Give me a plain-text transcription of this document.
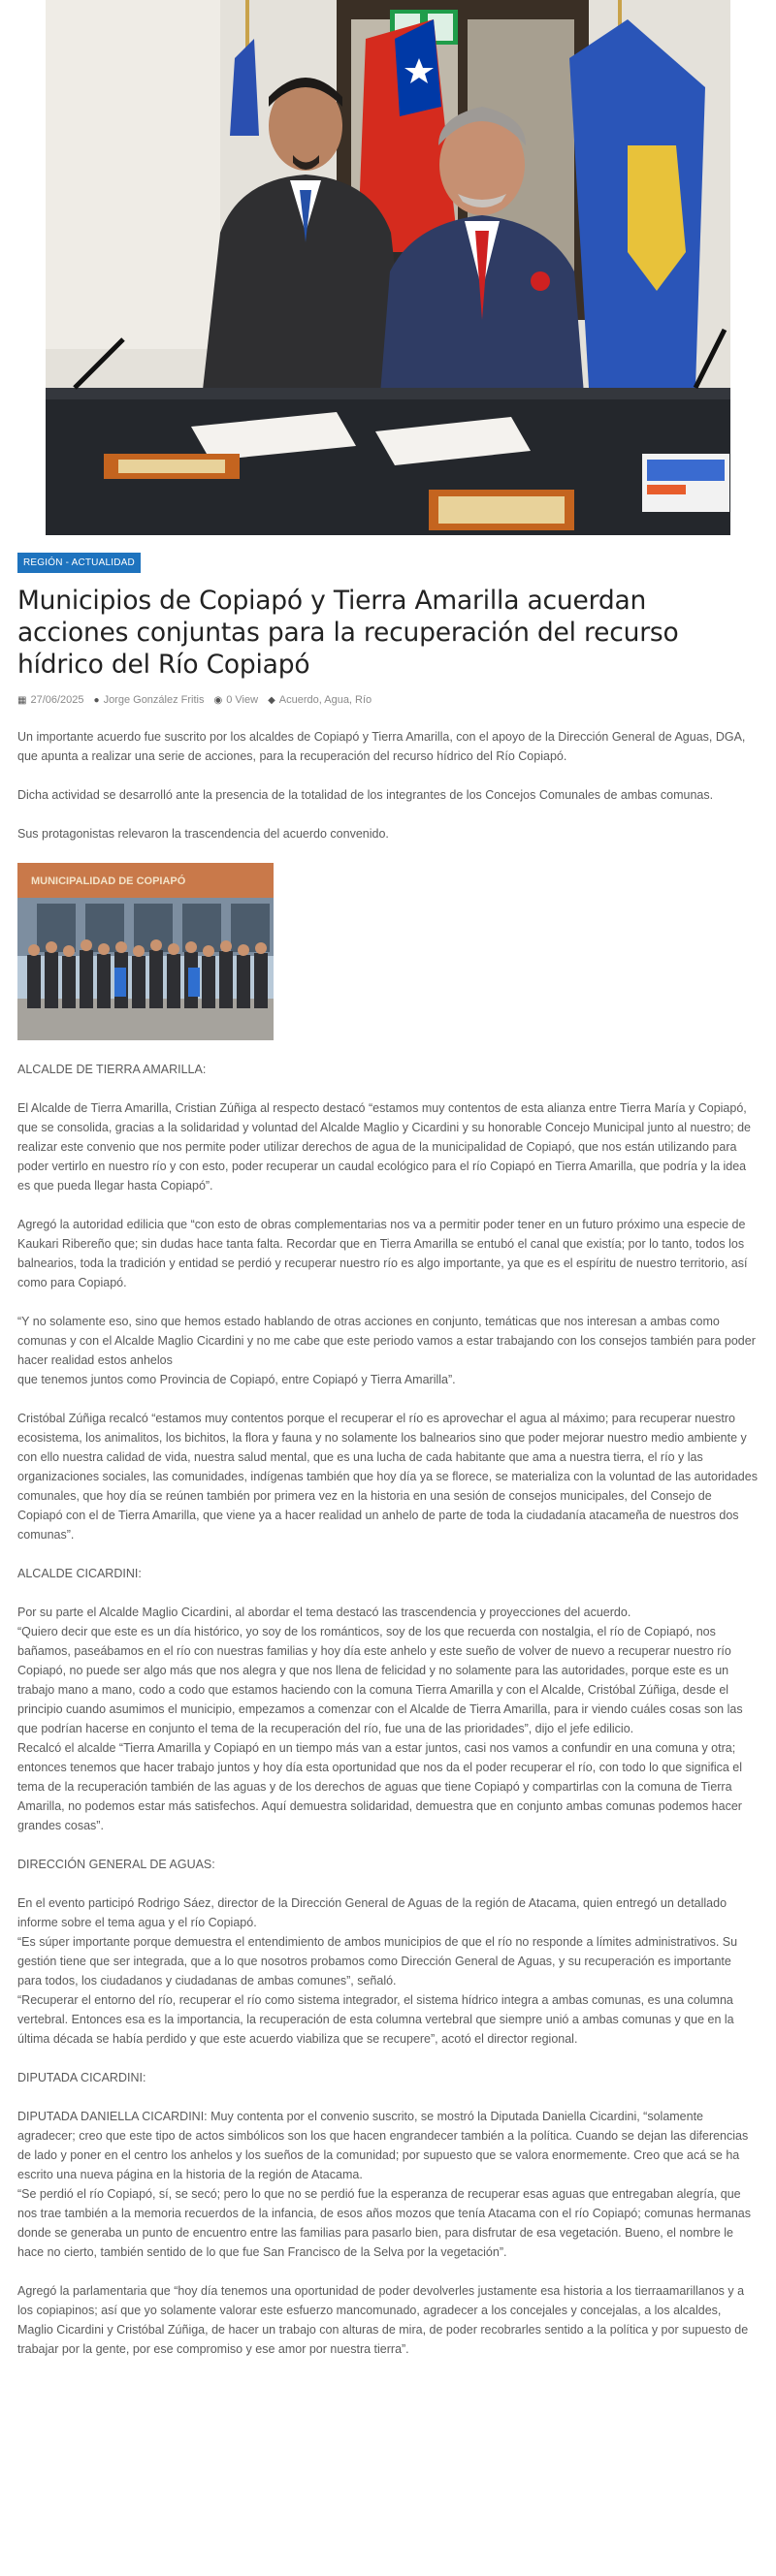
REGIÓN - ACTUALIDAD
Municipios de Copiapó y Tierra Amarilla acuerdan acciones conjuntas para la recuperación del recurso hídrico del Río Copiapó
▦ 27/06/2025 ● Jorge González Fritis ◉ 0 View ◆ Acuerdo, Agua, Río

Un importante acuerdo fue suscrito por los alcaldes de Copiapó y Tierra Amarilla, con el apoyo de la Dirección General de Aguas, DGA, que apunta a realizar una serie de acciones, para la recuperación del recurso hídrico del Río Copiapó.

Dicha actividad se desarrolló ante la presencia de la totalidad de los integrantes de los Concejos Comunales de ambas comunas.

Sus protagonistas relevaron la trascendencia del acuerdo convenido.

MUNICIPALIDAD DE COPIAPÓ
ALCALDE DE TIERRA AMARILLA:

El Alcalde de Tierra Amarilla, Cristian Zúñiga al respecto destacó “estamos muy contentos de esta alianza entre Tierra María y Copiapó, que se consolida, gracias a la solidaridad y voluntad del Alcalde Maglio y Cicardini y su honorable Concejo Municipal junto al nuestro; de realizar este convenio que nos permite poder utilizar derechos de agua de la municipalidad de Copiapó, que nos están utilizando para poder vertirlo en nuestro río y con esto, poder recuperar un caudal ecológico para el río Copiapó en Tierra Amarilla, que podría y la idea es que pueda llegar hasta Copiapó”.

Agregó la autoridad edilicia que “con esto de obras complementarias nos va a permitir poder tener en un futuro próximo una especie de Kaukari Ribereño que; sin dudas hace tanta falta. Recordar que en Tierra Amarilla se entubó el canal que existía; por lo tanto, todos los balnearios, toda la tradición y entidad se perdió y recuperar nuestro río es algo importante, ya que es el espíritu de nuestro territorio, así como para Copiapó.

“Y no solamente eso, sino que hemos estado hablando de otras acciones en conjunto, temáticas que nos interesan a ambas como comunas y con el Alcalde Maglio Cicardini y no me cabe que este periodo vamos a estar trabajando con los consejos también para poder hacer realidad estos anhelos
que tenemos juntos como Provincia de Copiapó, entre Copiapó y Tierra Amarilla”.

Cristóbal Zúñiga recalcó “estamos muy contentos porque el recuperar el río es aprovechar el agua al máximo; para recuperar nuestro ecosistema, los animalitos, los bichitos, la flora y fauna y no solamente los balnearios sino que poder mejorar nuestro medio ambiente y con ello nuestra calidad de vida, nuestra salud mental, que es una lucha de cada habitante que ama a nuestra tierra, el río y las organizaciones sociales, las comunidades, indígenas también que hoy día ya se florece, se materializa con la voluntad de las autoridades comunales, que hoy día se reúnen también por primera vez en la historia en una sesión de consejos municipales, del Consejo de Copiapó con el de Tierra Amarilla, que viene ya a hacer realidad un anhelo de parte de toda la ciudadanía atacameña de nuestros dos comunas”.

ALCALDE CICARDINI:

Por su parte el Alcalde Maglio Cicardini, al abordar el tema destacó las trascendencia y proyecciones del acuerdo.
“Quiero decir que este es un día histórico, yo soy de los románticos, soy de los que recuerda con nostalgia, el río de Copiapó, nos bañamos, paseábamos en el río con nuestras familias y hoy día este anhelo y este sueño de volver de nuevo a recuperar nuestro río Copiapó, no puede ser algo más que nos alegra y que nos llena de felicidad y no solamente para las autoridades, porque este es un trabajo mano a mano, codo a codo que estamos haciendo con la comuna Tierra Amarilla y con el Alcalde, Cristóbal Zúñiga, desde el principio cuando asumimos el municipio, empezamos a comenzar con el Alcalde de Tierra Amarilla, para ir viendo cuáles cosas son las que podrían hacerse en conjunto el tema de la recuperación del río, fue una de las prioridades”, dijo el jefe edilicio.
Recalcó el alcalde “Tierra Amarilla y Copiapó en un tiempo más van a estar juntos, casi nos vamos a confundir en una comuna y otra; entonces tenemos que hacer trabajo juntos y hoy día esta oportunidad que nos da el poder recuperar el río, con todo lo que significa el tema de la recuperación también de las aguas y de los derechos de aguas que tiene Copiapó y compartirlas con la comuna de Tierra Amarilla, no podemos estar más satisfechos. Aquí demuestra solidaridad, demuestra que en conjunto ambas comunas podemos hacer grandes cosas”.

DIRECCIÓN GENERAL DE AGUAS:

En el evento participó Rodrigo Sáez, director de la Dirección General de Aguas de la región de Atacama, quien entregó un detallado informe sobre el tema agua y el río Copiapó.
“Es súper importante porque demuestra el entendimiento de ambos municipios de que el río no responde a límites administrativos. Su gestión tiene que ser integrada, que a lo que nosotros probamos como Dirección General de Aguas, y su recuperación es importante para todos, los ciudadanos y ciudadanas de ambas comunes”, señaló.
“Recuperar el entorno del río, recuperar el río como sistema integrador, el sistema hídrico integra a ambas comunas, es una columna vertebral. Entonces esa es la importancia, la recuperación de esta columna vertebral que siempre unió a ambas comunas y que en la última década se había perdido y que este acuerdo viabiliza que se recupere”, acotó el director regional.

DIPUTADA CICARDINI:

DIPUTADA DANIELLA CICARDINI: Muy contenta por el convenio suscrito, se mostró la Diputada Daniella Cicardini, “solamente agradecer; creo que este tipo de actos simbólicos son los que hacen engrandecer también a la política. Cuando se dejan las diferencias de lado y poner en el centro los anhelos y los sueños de la comunidad; por supuesto que se valora enormemente. Creo que acá se ha escrito una nueva página en la historia de la región de Atacama.
“Se perdió el río Copiapó, sí, se secó; pero lo que no se perdió fue la esperanza de recuperar esas aguas que entregaban alegría, que nos trae también a la memoria recuerdos de la infancia, de esos años mozos que tenía Atacama con el río Copiapó; comunas hermanas donde se generaba un punto de encuentro entre las familias para pasarlo bien, para disfrutar de esa vegetación. Bueno, el nombre le hace no cierto, también sentido de lo que fue San Francisco de la Selva por la vegetación”.

Agregó la parlamentaria que “hoy día tenemos una oportunidad de poder devolverles justamente esa historia a los tierraamarillanos y a los copiapinos; así que yo solamente valorar este esfuerzo mancomunado, agradecer a los concejales y concejalas, a los alcaldes, Maglio Cicardini y Cristóbal Zúñiga, de hacer un trabajo con alturas de mira, de poder recobrarles sentido a la política y por supuesto de trabajar por la gente, por ese compromiso y ese amor por nuestra tierra”.
